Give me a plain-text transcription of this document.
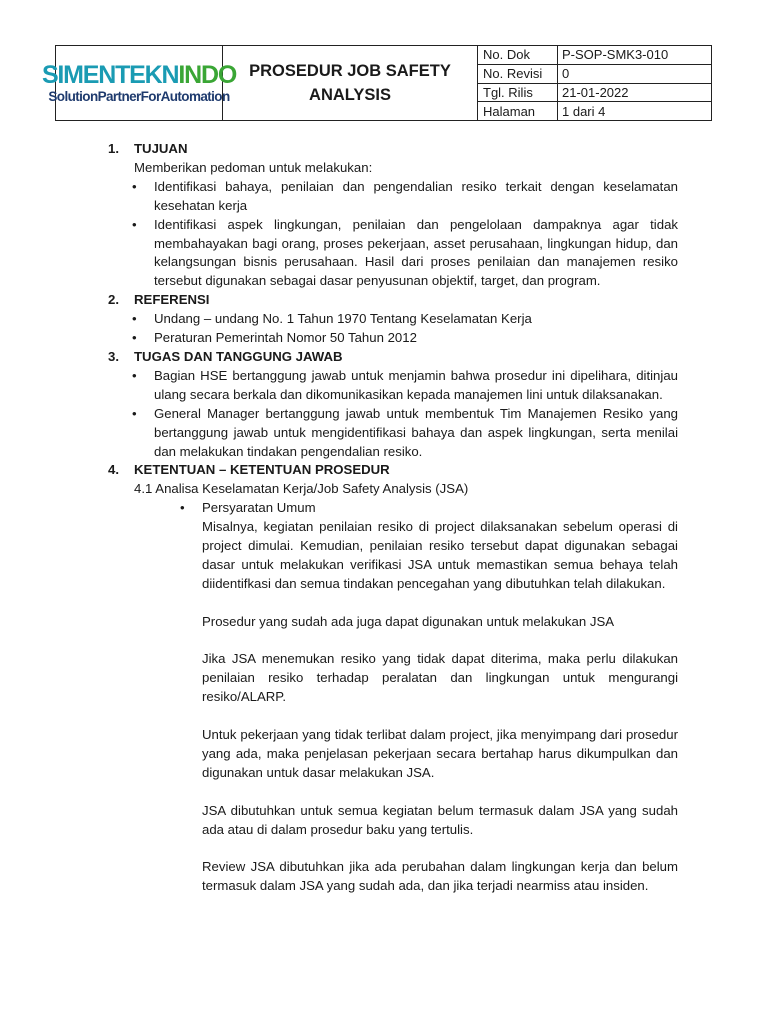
SIMENTEKNINDO
SolutionPartnerForAutomation
PROSEDUR JOB SAFETY ANALYSIS
No. Dok	P-SOP-SMK3-010
No. Revisi	0
Tgl. Rilis	21-01-2022
Halaman	1 dari 4
1.	TUJUAN
Memberikan pedoman untuk melakukan:
•	Identifikasi bahaya, penilaian dan pengendalian resiko terkait dengan keselamatan kesehatan kerja
•	Identifikasi aspek lingkungan, penilaian dan pengelolaan dampaknya agar tidak membahayakan bagi orang, proses pekerjaan, asset perusahaan, lingkungan hidup, dan kelangsungan bisnis perusahaan. Hasil dari proses penilaian dan manajemen resiko tersebut digunakan sebagai dasar penyusunan objektif, target, dan program.
2.	REFERENSI
•	Undang – undang No. 1 Tahun 1970 Tentang Keselamatan Kerja
•	Peraturan Pemerintah Nomor 50 Tahun 2012
3.	TUGAS DAN TANGGUNG JAWAB
•	Bagian HSE bertanggung jawab untuk menjamin bahwa prosedur ini dipelihara, ditinjau ulang secara berkala dan dikomunikasikan kepada manajemen lini untuk dilaksanakan.
•	General Manager bertanggung jawab untuk membentuk Tim Manajemen Resiko yang bertanggung jawab untuk mengidentifikasi bahaya dan aspek lingkungan, serta menilai dan melakukan tindakan pengendalian resiko.
4.	KETENTUAN – KETENTUAN PROSEDUR
4.1 Analisa Keselamatan Kerja/Job Safety Analysis (JSA)
•	Persyaratan Umum
Misalnya, kegiatan penilaian resiko di project dilaksanakan sebelum operasi di project dimulai. Kemudian, penilaian resiko tersebut dapat digunakan sebagai dasar untuk melakukan verifikasi JSA untuk memastikan semua behaya telah diidentifkasi dan semua tindakan pencegahan yang dibutuhkan telah dilakukan.
Prosedur yang sudah ada juga dapat digunakan untuk melakukan JSA
Jika JSA menemukan resiko yang tidak dapat diterima, maka perlu dilakukan penilaian resiko terhadap peralatan dan lingkungan untuk mengurangi resiko/ALARP.
Untuk pekerjaan yang tidak terlibat dalam project, jika menyimpang dari prosedur yang ada, maka penjelasan pekerjaan secara bertahap harus dikumpulkan dan digunakan untuk dasar melakukan JSA.
JSA dibutuhkan untuk semua kegiatan belum termasuk dalam JSA yang sudah ada atau di dalam prosedur baku yang tertulis.
Review JSA dibutuhkan jika ada perubahan dalam lingkungan kerja dan belum termasuk dalam JSA yang sudah ada, dan jika terjadi nearmiss atau insiden.
